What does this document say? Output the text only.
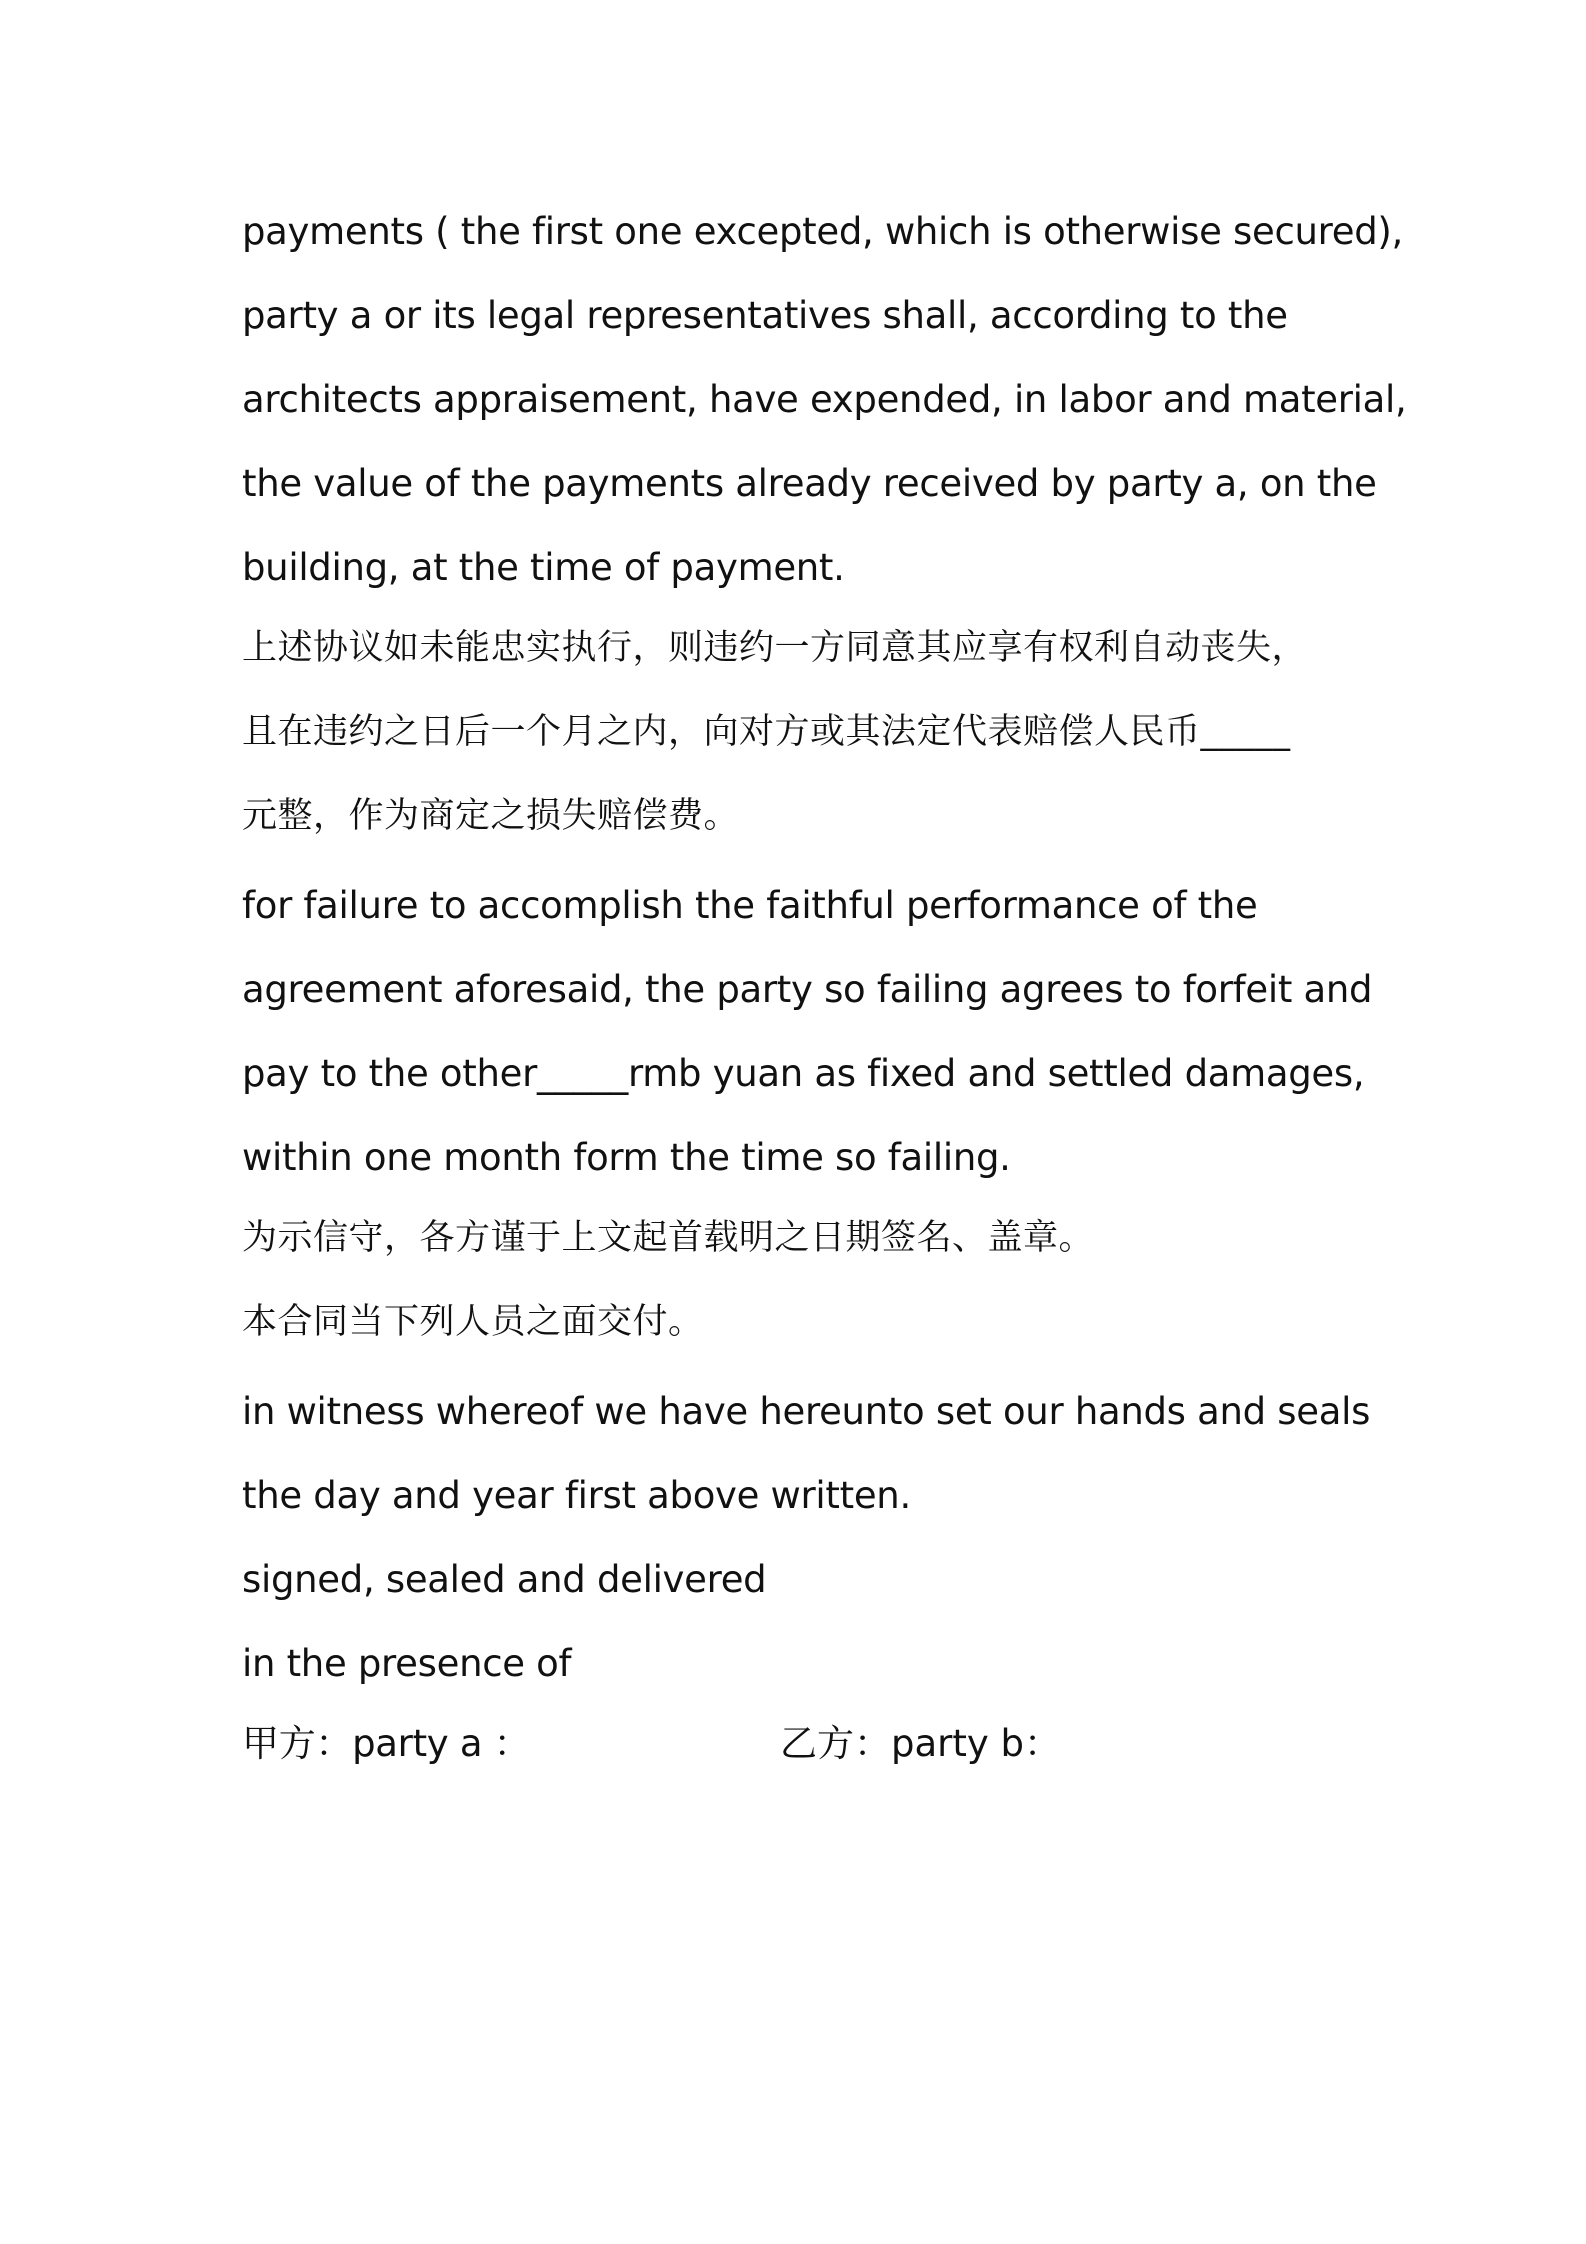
payments ( the first one excepted, which is otherwise secured),
party a or its legal representatives shall, according to the
architects appraisement, have expended, in labor and material,
the value of the payments already received by party a, on the
building, at the time of payment.
上述协议如未能忠实执行，则违约一方同意其应享有权利自动丧失，
且在违约之日后一个月之内，向对方或其法定代表赔偿人民币_____
元整，作为商定之损失赔偿费。
for failure to accomplish the faithful performance of the
agreement aforesaid, the party so failing agrees to forfeit and
pay to the other_____rmb yuan as fixed and settled damages,
within one month form the time so failing.
为示信守，各方谨于上文起首载明之日期签名、盖章。
本合同当下列人员之面交付。
in witness whereof we have hereunto set our hands and seals
the day and year first above written.
signed, sealed and delivered
in the presence of
甲方：party a ：	乙方：party b：
